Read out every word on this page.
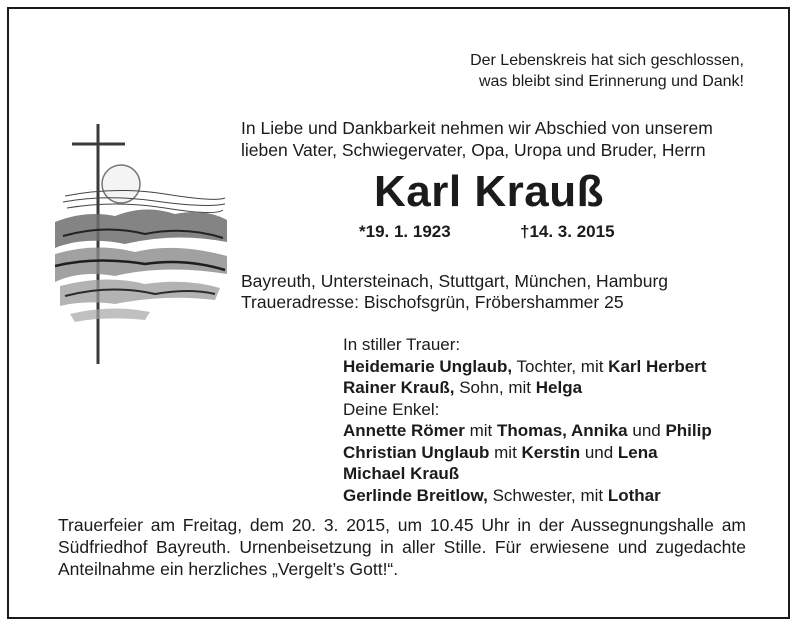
Der Lebenskreis hat sich geschlossen,
was bleibt sind Erinnerung und Dank!
In Liebe und Dankbarkeit nehmen wir Abschied von unserem
lieben Vater, Schwiegervater, Opa, Uropa und Bruder, Herrn
Karl Krauß
*19. 1. 1923	†14. 3. 2015
Bayreuth, Untersteinach, Stuttgart, München, Hamburg
Traueradresse: Bischofsgrün, Fröbershammer 25
In stiller Trauer:
Heidemarie Unglaub, Tochter, mit Karl Herbert
Rainer Krauß, Sohn, mit Helga
Deine Enkel:
Annette Römer mit Thomas, Annika und Philip
Christian Unglaub mit Kerstin und Lena
Michael Krauß
Gerlinde Breitlow, Schwester, mit Lothar
Trauerfeier am Freitag, dem 20. 3. 2015, um 10.45 Uhr in der Aussegnungshalle am
Südfriedhof Bayreuth. Urnenbeisetzung in aller Stille. Für erwiesene und zugedachte
Anteilnahme ein herzliches „Vergelt’s Gott!“.
